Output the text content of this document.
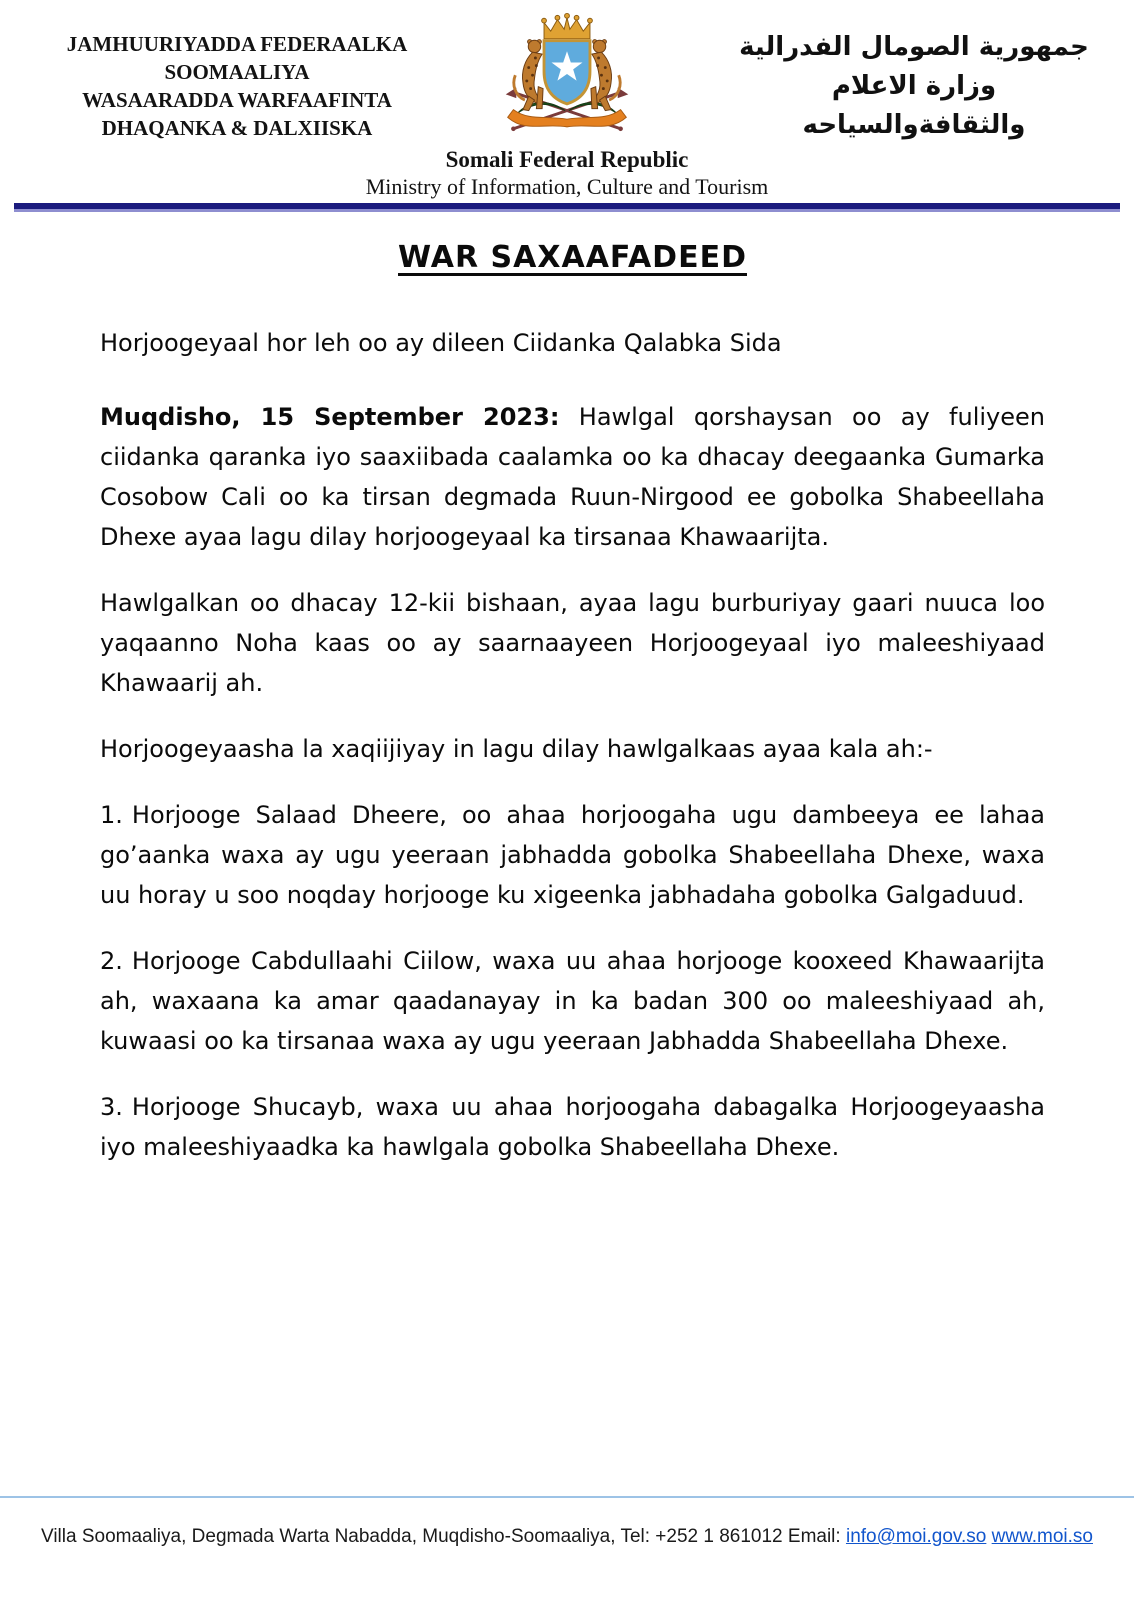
JAMHUURIYADDA FEDERAALKA
SOOMAALIYA
WASAARADDA WARFAAFINTA
DHAQANKA & DALXIISKA
جمهورية الصومال الفدرالية
وزارة الاعلام
والثقافةوالسياحه
Somali Federal Republic
Ministry of Information, Culture and Tourism
WAR SAXAAFADEED

Horjoogeyaal hor leh oo ay dileen Ciidanka Qalabka Sida

Muqdisho, 15 September 2023: Hawlgal qorshaysan oo ay fuliyeen ciidanka qaranka iyo saaxiibada caalamka oo ka dhacay deegaanka Gumarka Cosobow Cali oo ka tirsan degmada Ruun-Nirgood ee gobolka Shabeellaha Dhexe ayaa lagu dilay horjoogeyaal ka tirsanaa Khawaarijta.

Hawlgalkan oo dhacay 12-kii bishaan, ayaa lagu burburiyay gaari nuuca loo yaqaanno Noha kaas oo ay saarnaayeen Horjoogeyaal iyo maleeshiyaad Khawaarij ah.

Horjoogeyaasha la xaqiijiyay in lagu dilay hawlgalkaas ayaa kala ah:-

1. Horjooge Salaad Dheere, oo ahaa horjoogaha ugu dambeeya ee lahaa go’aanka waxa ay ugu yeeraan jabhadda gobolka Shabeellaha Dhexe, waxa uu horay u soo noqday horjooge ku xigeenka jabhadaha gobolka Galgaduud.

2. Horjooge Cabdullaahi Ciilow, waxa uu ahaa horjooge kooxeed Khawaarijta ah, waxaana ka amar qaadanayay in ka badan 300 oo maleeshiyaad ah, kuwaasi oo ka tirsanaa waxa ay ugu yeeraan Jabhadda Shabeellaha Dhexe.

3. Horjooge Shucayb, waxa uu ahaa horjoogaha dabagalka Horjoogeyaasha iyo maleeshiyaadka ka hawlgala gobolka Shabeellaha Dhexe.

Villa Soomaaliya, Degmada Warta Nabadda, Muqdisho-Soomaaliya, Tel: +252 1 861012 Email: info@moi.gov.so www.moi.so
